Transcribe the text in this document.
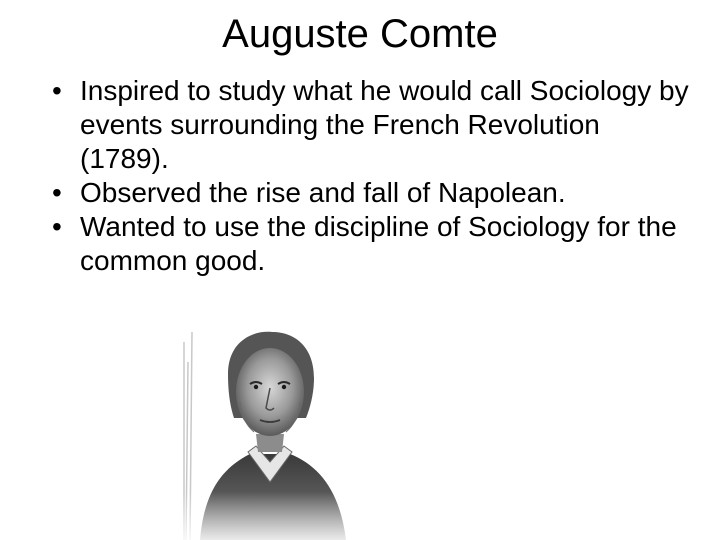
Auguste Comte
• Inspired to study what he would call Sociology by events surrounding the French Revolution (1789).
• Observed the rise and fall of Napolean.
• Wanted to use the discipline of Sociology for the common good.
